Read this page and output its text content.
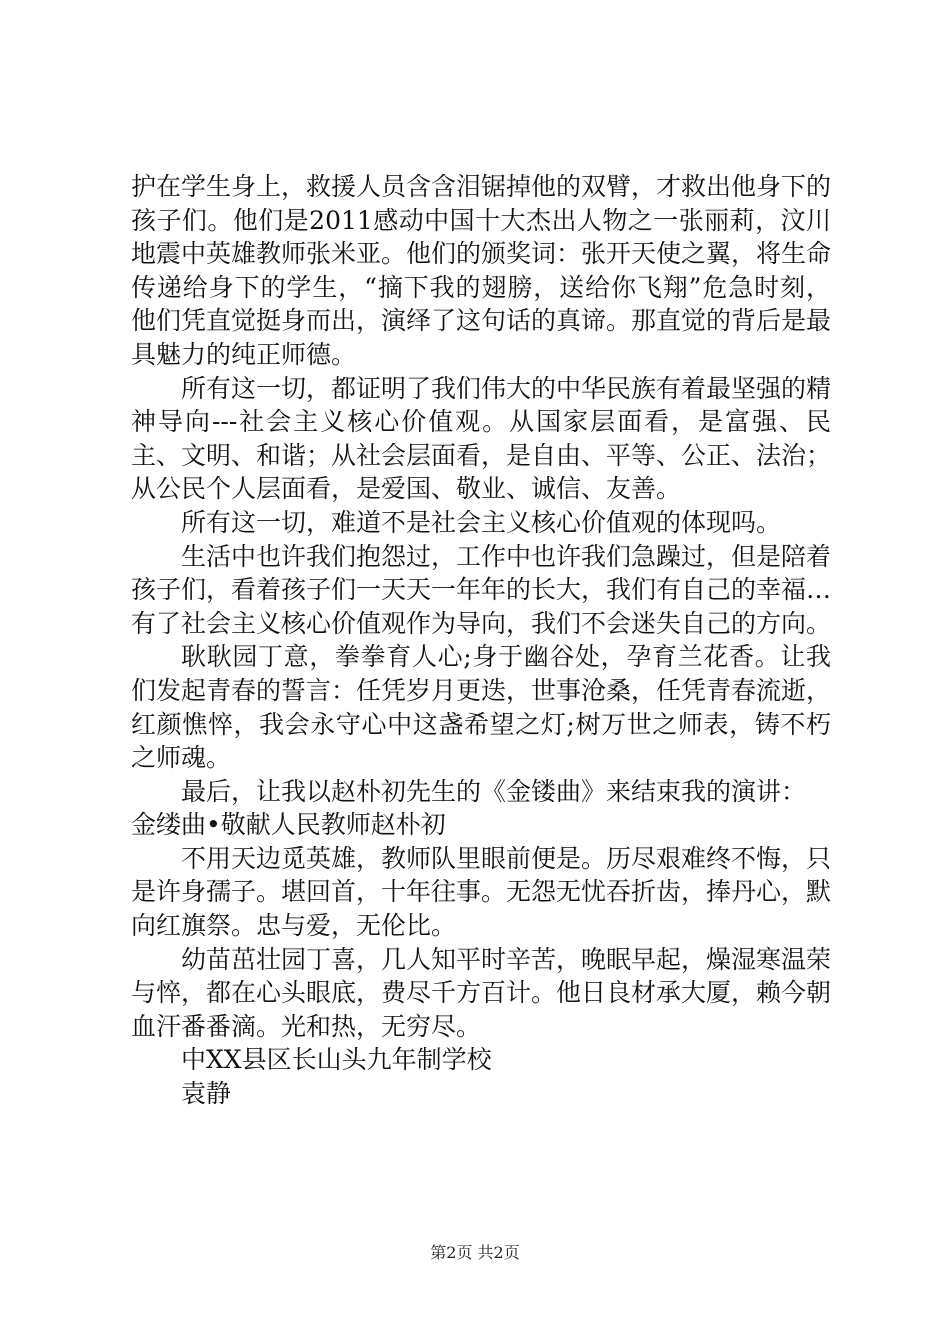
护在学生身上，救援人员含含泪锯掉他的双臂，才救出他身下的孩子们。他们是2011感动中国十大杰出人物之一张丽莉，汶川地震中英雄教师张米亚。他们的颁奖词：张开天使之翼，将生命传递给身下的学生，“摘下我的翅膀，送给你飞翔”危急时刻，他们凭直觉挺身而出，演绎了这句话的真谛。那直觉的背后是最具魅力的纯正师德。

所有这一切，都证明了我们伟大的中华民族有着最坚强的精神导向---社会主义核心价值观。从国家层面看，是富强、民主、文明、和谐；从社会层面看，是自由、平等、公正、法治；从公民个人层面看，是爱国、敬业、诚信、友善。

所有这一切，难道不是社会主义核心价值观的体现吗。

生活中也许我们抱怨过，工作中也许我们急躁过，但是陪着孩子们，看着孩子们一天天一年年的长大，我们有自己的幸福…有了社会主义核心价值观作为导向，我们不会迷失自己的方向。

耿耿园丁意，拳拳育人心;身于幽谷处，孕育兰花香。让我们发起青春的誓言：任凭岁月更迭，世事沧桑，任凭青春流逝，红颜憔悴，我会永守心中这盏希望之灯;树万世之师表，铸不朽之师魂。

最后，让我以赵朴初先生的《金镂曲》来结束我的演讲：

金缕曲•敬献人民教师赵朴初

不用天边觅英雄，教师队里眼前便是。历尽艰难终不悔，只是许身孺子。堪回首，十年往事。无怨无忧吞折齿，捧丹心，默向红旗祭。忠与爱，无伦比。

幼苗茁壮园丁喜，几人知平时辛苦，晚眠早起，燥湿寒温荣与悴，都在心头眼底，费尽千方百计。他日良材承大厦，赖今朝血汗番番滴。光和热，无穷尽。

中XX县区长山头九年制学校

袁静

第2页 共2页
